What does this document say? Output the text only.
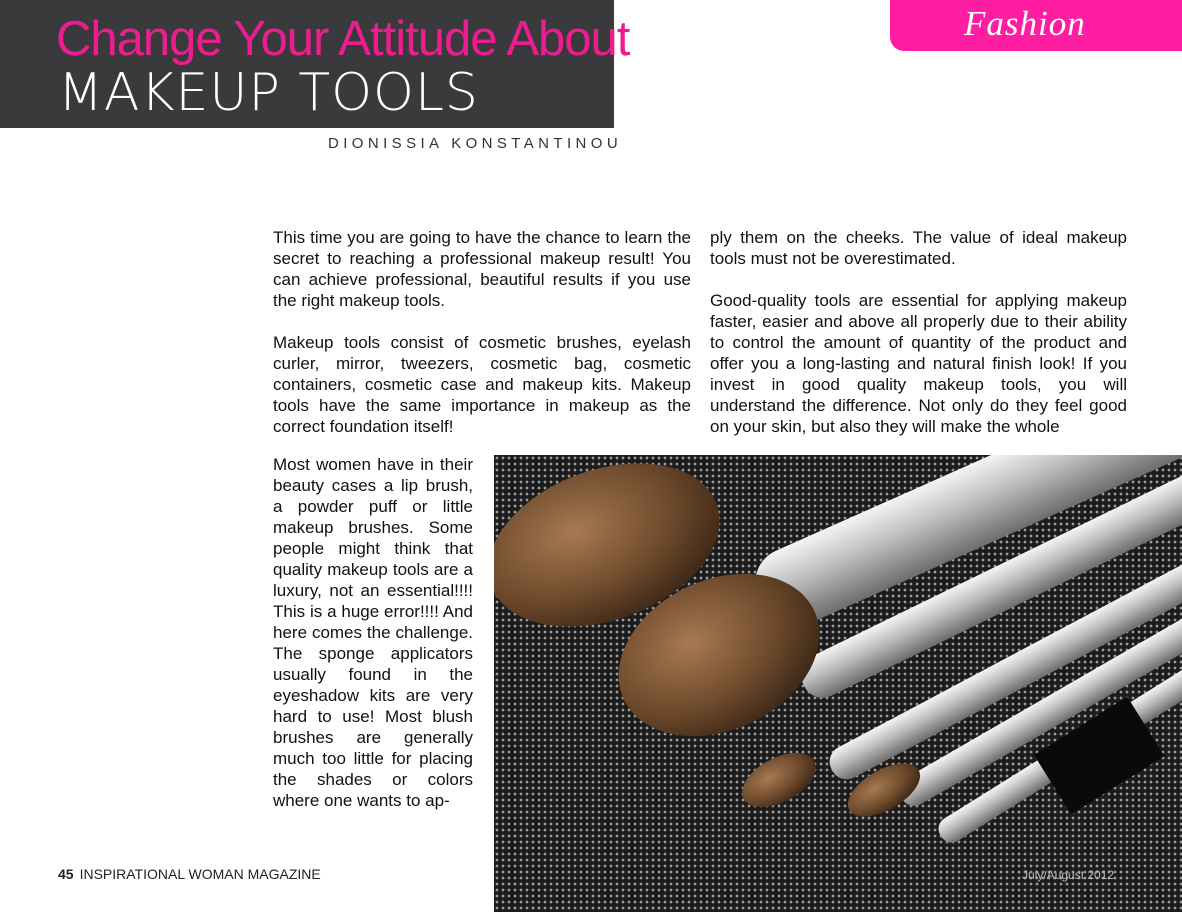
Change Your Attitude About
MAKEUP TOOLS
DIONISSIA KONSTANTINOU
Fashion

This time you are going to have the chance to learn the secret to reaching a professional makeup result! You can achieve professional, beautiful results if you use the right makeup tools.

Makeup tools consist of cosmetic brushes, eyelash curler, mirror, tweezers, cosmetic bag, cosmetic containers, cosmetic case and makeup kits. Makeup tools have the same importance in makeup as the correct foundation itself!

Most women have in their beauty cases a lip brush, a powder puff or little makeup brushes. Some people might think that quality makeup tools are a luxury, not an essential!!!! This is a huge error!!!! And here comes the challenge. The sponge applicators usually found in the eyeshadow kits are very hard to use! Most blush brushes are generally much too little for placing the shades or colors where one wants to ap-

ply them on the cheeks. The value of ideal makeup tools must not be overestimated.

Good-quality tools are essential for applying makeup faster, easier and above all properly due to their ability to control the amount of quantity of the product and offer you a long-lasting and natural finish look! If you invest in good quality makeup tools, you will understand the difference. Not only do they feel good on your skin, but also they will make the whole

45 INSPIRATIONAL WOMAN MAGAZINE	July/August 2012
